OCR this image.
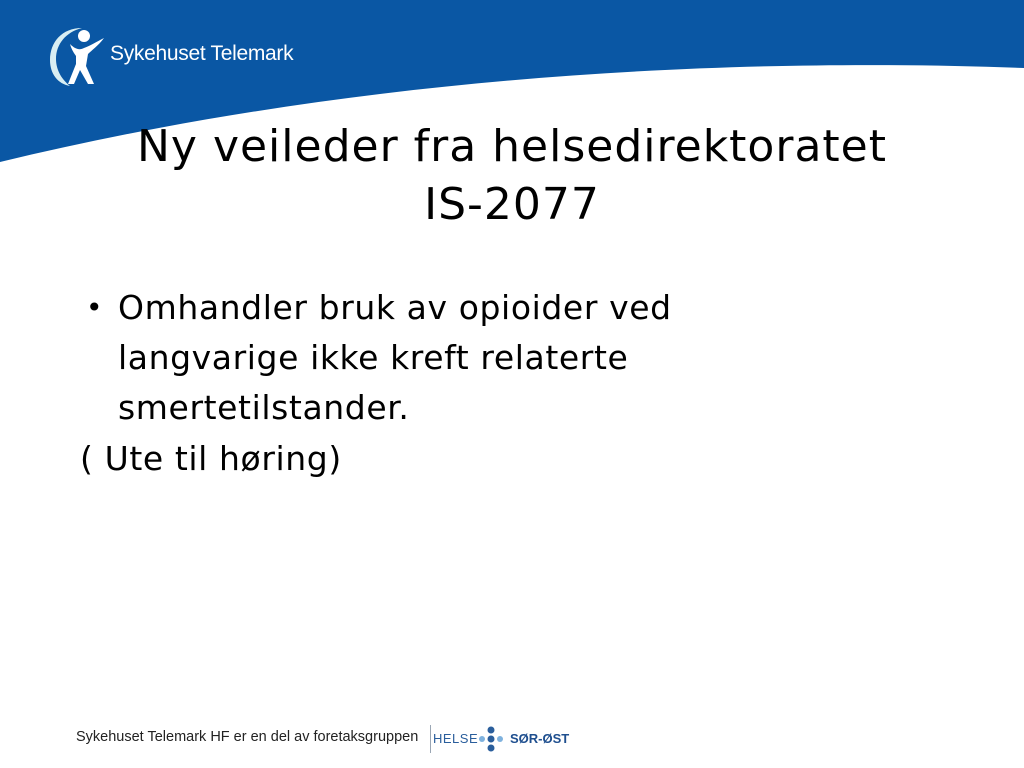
Sykehuset Telemark
Ny veileder fra helsedirektoratet
IS-2077
• Omhandler bruk av opioider ved
langvarige ikke kreft relaterte
smertetilstander.
( Ute til høring)
Sykehuset Telemark HF er en del av foretaksgruppen HELSE SØR-ØST
